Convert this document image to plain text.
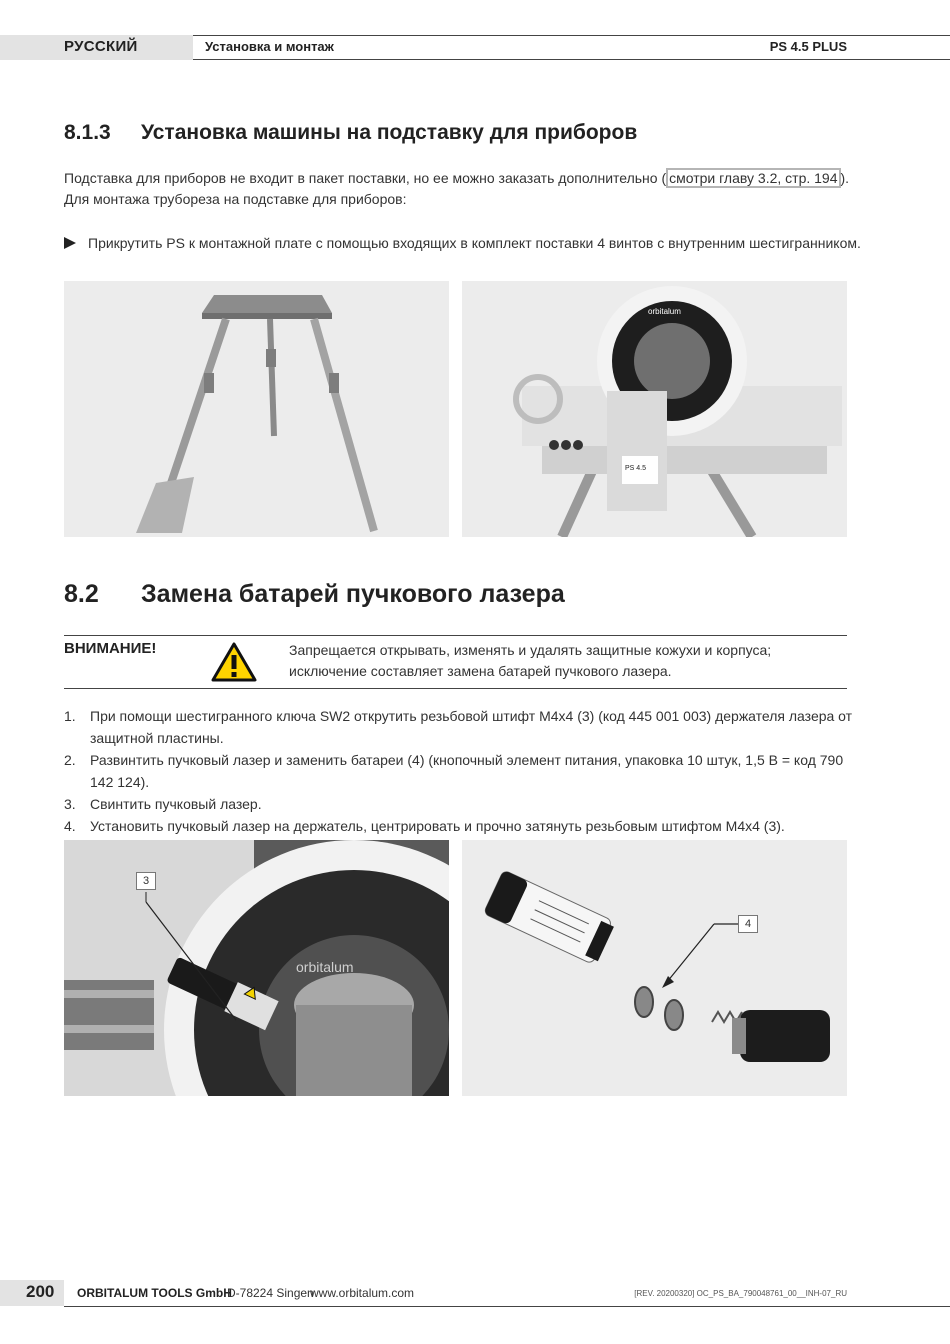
РУССКИЙ	Установка и монтаж	PS 4.5 PLUS
8.1.3 Установка машины на подставку для приборов
Подставка для приборов не входит в пакет поставки, но ее можно заказать дополнительно ( смотри главу 3.2, стр. 194 ).
Для монтажа труборезa на подставке для приборов:
Прикрутить PS к монтажной плате с помощью входящих в комплект поставки 4 винтов с внутренним шестигранником.
PS 4.5
orbitalum
8.2 Замена батарей пучкового лазера
ВНИМАНИЕ!	Запрещается открывать, изменять и удалять защитные кожухи и корпуса; исключение составляет замена батарей пучкового лазера.
1. При помощи шестигранного ключа SW2 открутить резьбовой штифт M4x4 (3) (код 445 001 003) держателя лазера от защитной пластины.
2. Развинтить пучковый лазер и заменить батареи (4) (кнопочный элемент питания, упаковка 10 штук, 1,5 B = код 790 142 124).
3. Свинтить пучковый лазер.
4. Установить пучковый лазер на держатель, центрировать и прочно затянуть резьбовым штифтом M4x4 (3).
orbitalum
3
4
200 ORBITALUM TOOLS GmbH
D-78224 Singen
www.orbitalum.com	[REV. 20200320] OC_PS_BA_790048761_00__INH-07_RU
